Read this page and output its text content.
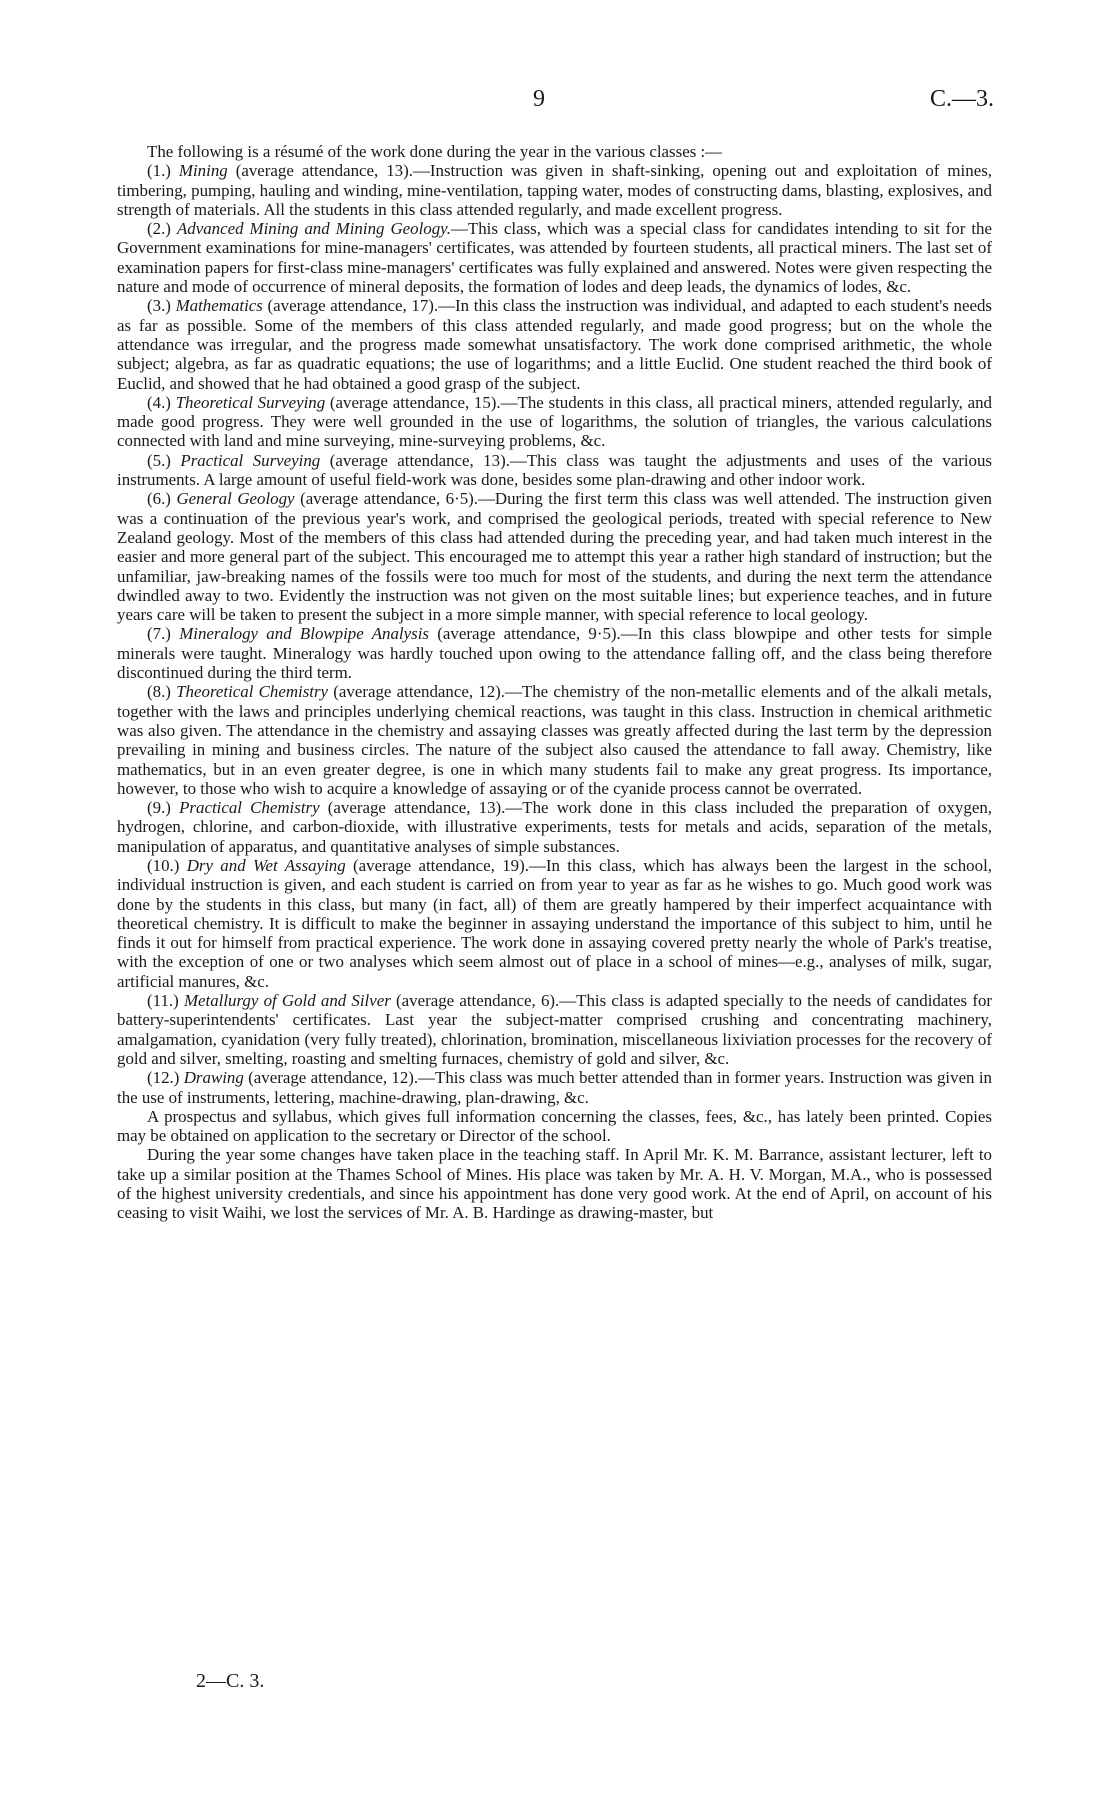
9	C.—3.

The following is a résumé of the work done during the year in the various classes :—

(1.) Mining (average attendance, 13).—Instruction was given in shaft-sinking, opening out and exploitation of mines, timbering, pumping, hauling and winding, mine-ventilation, tapping water, modes of constructing dams, blasting, explosives, and strength of materials. All the students in this class attended regularly, and made excellent progress.

(2.) Advanced Mining and Mining Geology.—This class, which was a special class for candidates intending to sit for the Government examinations for mine-managers' certificates, was attended by fourteen students, all practical miners. The last set of examination papers for first-class mine-managers' certificates was fully explained and answered. Notes were given respecting the nature and mode of occurrence of mineral deposits, the formation of lodes and deep leads, the dynamics of lodes, &c.

(3.) Mathematics (average attendance, 17).—In this class the instruction was individual, and adapted to each student's needs as far as possible. Some of the members of this class attended regularly, and made good progress; but on the whole the attendance was irregular, and the progress made somewhat unsatisfactory. The work done comprised arithmetic, the whole subject; algebra, as far as quadratic equations; the use of logarithms; and a little Euclid. One student reached the third book of Euclid, and showed that he had obtained a good grasp of the subject.

(4.) Theoretical Surveying (average attendance, 15).—The students in this class, all practical miners, attended regularly, and made good progress. They were well grounded in the use of logarithms, the solution of triangles, the various calculations connected with land and mine surveying, mine-surveying problems, &c.

(5.) Practical Surveying (average attendance, 13).—This class was taught the adjustments and uses of the various instruments. A large amount of useful field-work was done, besides some plan-drawing and other indoor work.

(6.) General Geology (average attendance, 6·5).—During the first term this class was well attended. The instruction given was a continuation of the previous year's work, and comprised the geological periods, treated with special reference to New Zealand geology. Most of the members of this class had attended during the preceding year, and had taken much interest in the easier and more general part of the subject. This encouraged me to attempt this year a rather high standard of instruction; but the unfamiliar, jaw-breaking names of the fossils were too much for most of the students, and during the next term the attendance dwindled away to two. Evidently the instruction was not given on the most suitable lines; but experience teaches, and in future years care will be taken to present the subject in a more simple manner, with special reference to local geology.

(7.) Mineralogy and Blowpipe Analysis (average attendance, 9·5).—In this class blowpipe and other tests for simple minerals were taught. Mineralogy was hardly touched upon owing to the attendance falling off, and the class being therefore discontinued during the third term.

(8.) Theoretical Chemistry (average attendance, 12).—The chemistry of the non-metallic elements and of the alkali metals, together with the laws and principles underlying chemical reactions, was taught in this class. Instruction in chemical arithmetic was also given. The attendance in the chemistry and assaying classes was greatly affected during the last term by the depression prevailing in mining and business circles. The nature of the subject also caused the attendance to fall away. Chemistry, like mathematics, but in an even greater degree, is one in which many students fail to make any great progress. Its importance, however, to those who wish to acquire a knowledge of assaying or of the cyanide process cannot be overrated.

(9.) Practical Chemistry (average attendance, 13).—The work done in this class included the preparation of oxygen, hydrogen, chlorine, and carbon-dioxide, with illustrative experiments, tests for metals and acids, separation of the metals, manipulation of apparatus, and quantitative analyses of simple substances.

(10.) Dry and Wet Assaying (average attendance, 19).—In this class, which has always been the largest in the school, individual instruction is given, and each student is carried on from year to year as far as he wishes to go. Much good work was done by the students in this class, but many (in fact, all) of them are greatly hampered by their imperfect acquaintance with theoretical chemistry. It is difficult to make the beginner in assaying understand the importance of this subject to him, until he finds it out for himself from practical experience. The work done in assaying covered pretty nearly the whole of Park's treatise, with the exception of one or two analyses which seem almost out of place in a school of mines—e.g., analyses of milk, sugar, artificial manures, &c.

(11.) Metallurgy of Gold and Silver (average attendance, 6).—This class is adapted specially to the needs of candidates for battery-superintendents' certificates. Last year the subject-matter comprised crushing and concentrating machinery, amalgamation, cyanidation (very fully treated), chlorination, bromination, miscellaneous lixiviation processes for the recovery of gold and silver, smelting, roasting and smelting furnaces, chemistry of gold and silver, &c.

(12.) Drawing (average attendance, 12).—This class was much better attended than in former years. Instruction was given in the use of instruments, lettering, machine-drawing, plan-drawing, &c.

A prospectus and syllabus, which gives full information concerning the classes, fees, &c., has lately been printed. Copies may be obtained on application to the secretary or Director of the school.

During the year some changes have taken place in the teaching staff. In April Mr. K. M. Barrance, assistant lecturer, left to take up a similar position at the Thames School of Mines. His place was taken by Mr. A. H. V. Morgan, M.A., who is possessed of the highest university credentials, and since his appointment has done very good work. At the end of April, on account of his ceasing to visit Waihi, we lost the services of Mr. A. B. Hardinge as drawing-master, but

2—C. 3.
